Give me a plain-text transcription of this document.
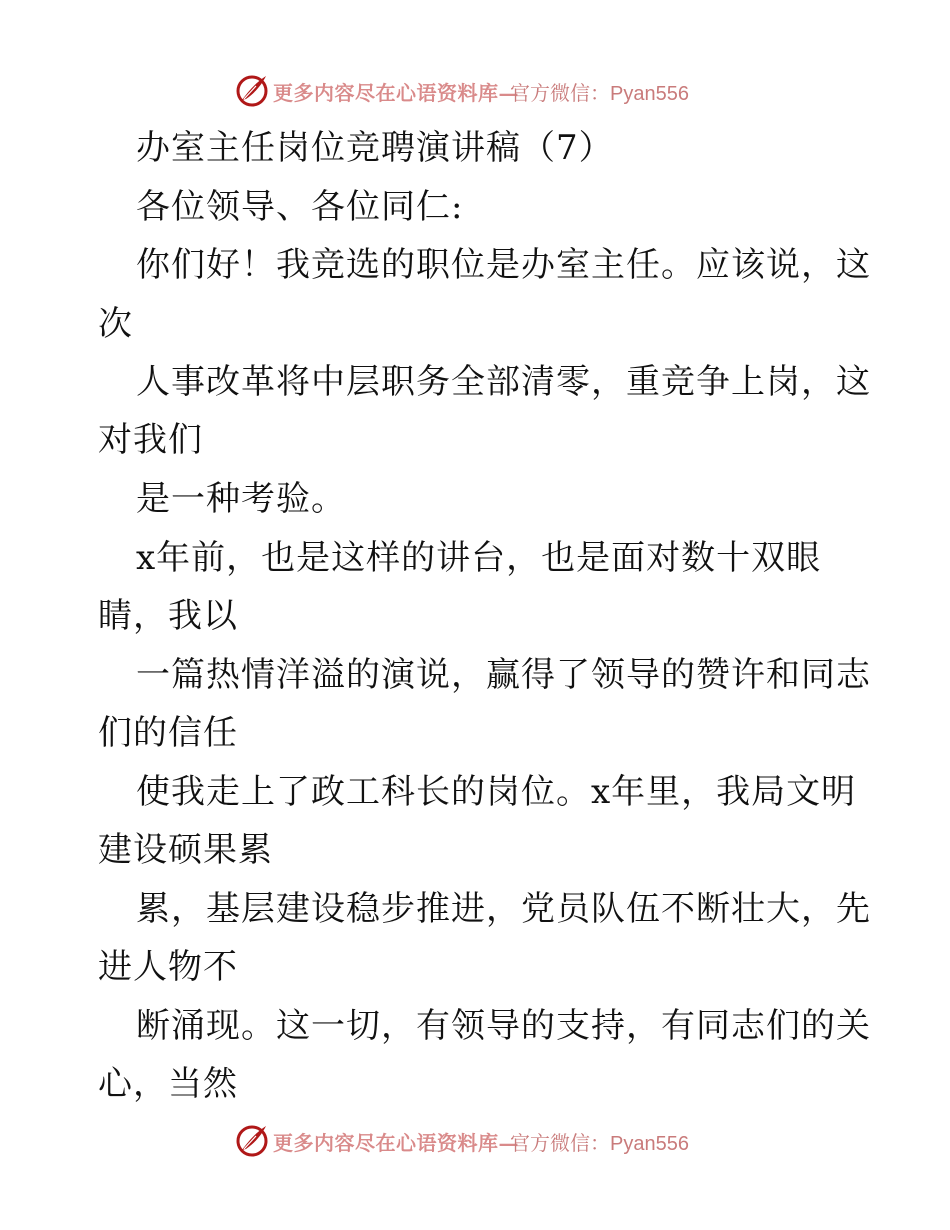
更多内容尽在心语资料库—
官方微信：Pyan556
办室主任岗位竞聘演讲稿（7）
各位领导、各位同仁:
你们好！我竞选的职位是办室主任。应该说，这
次
人事改革将中层职务全部清零，重竞争上岗，这
对我们
是一种考验。
x年前，也是这样的讲台，也是面对数十双眼
睛，我以
一篇热情洋溢的演说，赢得了领导的赞许和同志
们的信任
使我走上了政工科长的岗位。x年里，我局文明
建设硕果累
累，基层建设稳步推进，党员队伍不断壮大，先
进人物不
断涌现。这一切，有领导的支持，有同志们的关
心，当然
更多内容尽在心语资料库—
官方微信：Pyan556
